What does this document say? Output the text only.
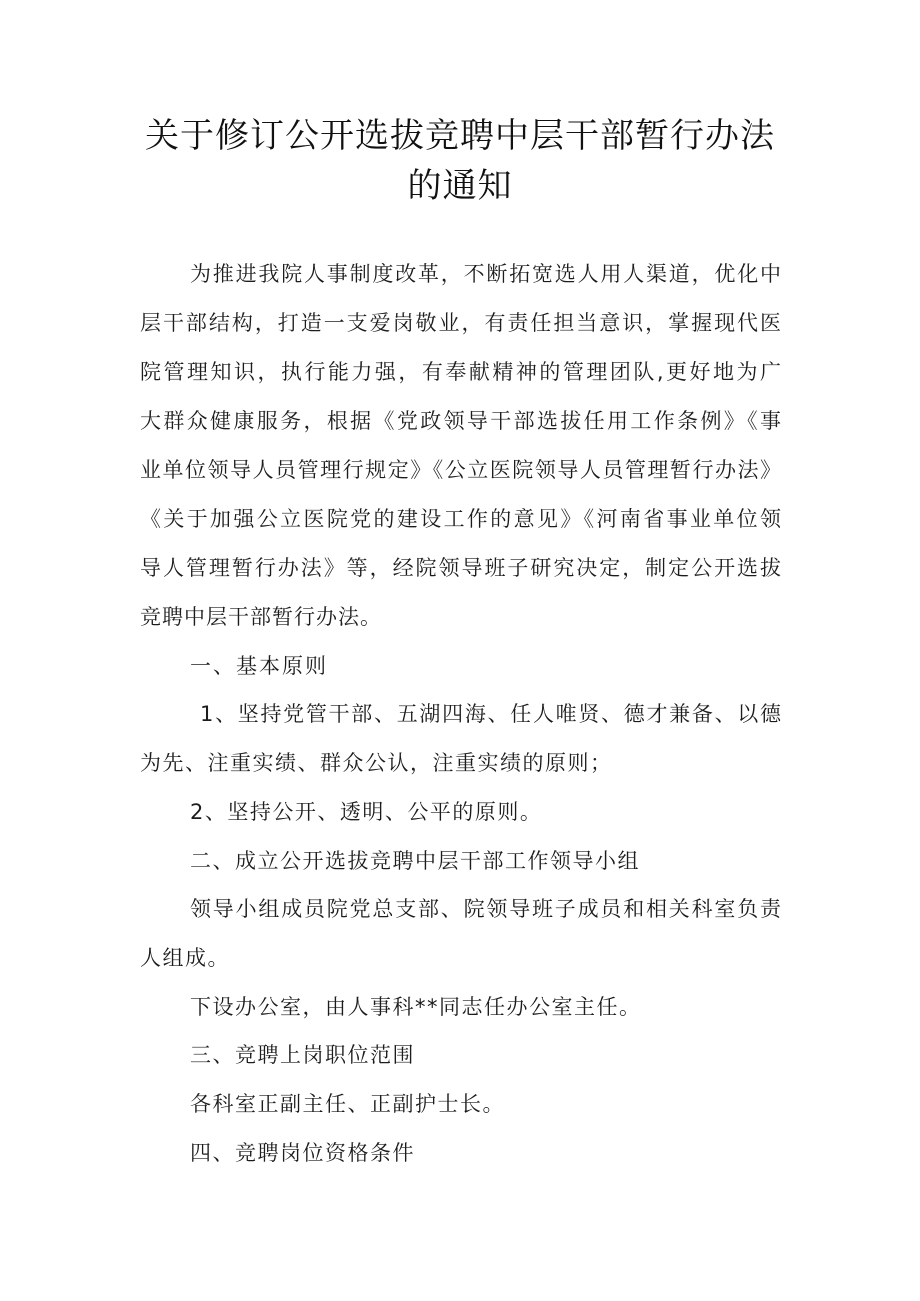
关于修订公开选拔竞聘中层干部暂行办法
的通知
为推进我院人事制度改革，不断拓宽选人用人渠道，优化中
层干部结构，打造一支爱岗敬业，有责任担当意识，掌握现代医
院管理知识，执行能力强，有奉献精神的管理团队,更好地为广
大群众健康服务，根据《党政领导干部选拔任用工作条例》《事
业单位领导人员管理行规定》《公立医院领导人员管理暂行办法》
《关于加强公立医院党的建设工作的意见》《河南省事业单位领
导人管理暂行办法》等，经院领导班子研究决定，制定公开选拔
竞聘中层干部暂行办法。
一、基本原则
1、坚持党管干部、五湖四海、任人唯贤、德才兼备、以德
为先、注重实绩、群众公认，注重实绩的原则；
2、坚持公开、透明、公平的原则。
二、成立公开选拔竞聘中层干部工作领导小组
领导小组成员院党总支部、院领导班子成员和相关科室负责
人组成。
下设办公室，由人事科**同志任办公室主任。
三、竞聘上岗职位范围
各科室正副主任、正副护士长。
四、竞聘岗位资格条件
